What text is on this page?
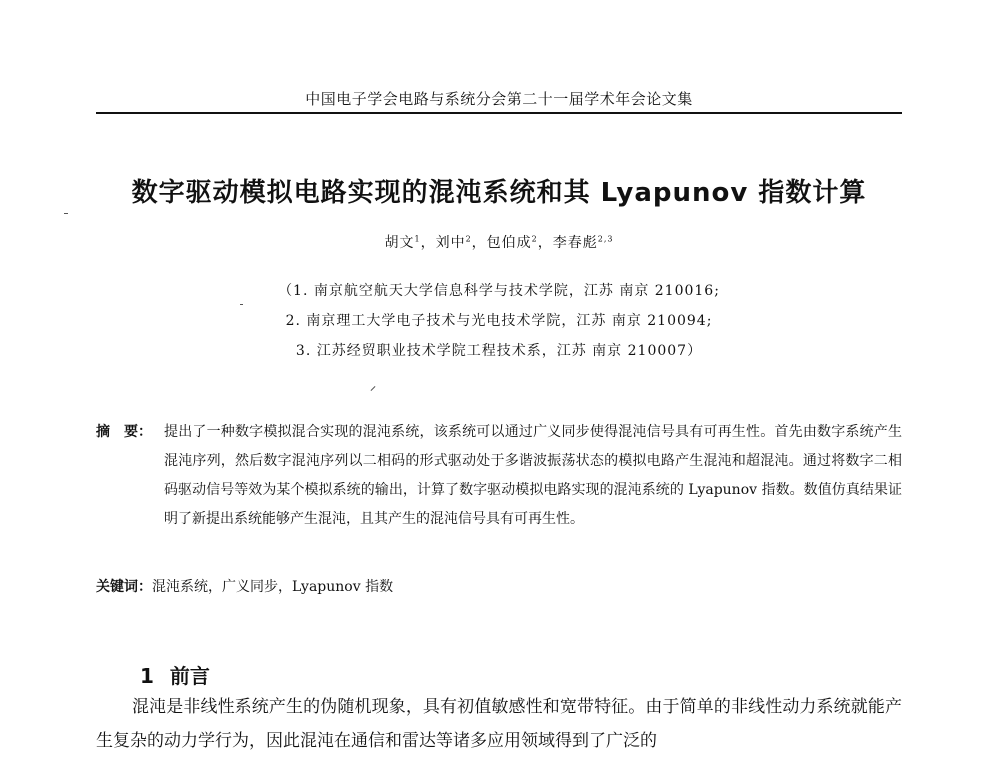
中国电子学会电路与系统分会第二十一届学术年会论文集
数字驱动模拟电路实现的混沌系统和其 Lyapunov 指数计算
胡文$^1$，刘中$^2$，包伯成$^2$，李春彪$^{2,3}$
（1. 南京航空航天大学信息科学与技术学院，江苏 南京 210016;
2. 南京理工大学电子技术与光电技术学院，江苏 南京 210094;
3. 江苏经贸职业技术学院工程技术系，江苏 南京 210007）
摘　要： 提出了一种数字模拟混合实现的混沌系统，该系统可以通过广义同步使得混沌信号具有可再生性。首先由数字系统产生混沌序列，然后数字混沌序列以二相码的形式驱动处于多谐波振荡状态的模拟电路产生混沌和超混沌。通过将数字二相码驱动信号等效为某个模拟系统的输出，计算了数字驱动模拟电路实现的混沌系统的 Lyapunov 指数。数值仿真结果证明了新提出系统能够产生混沌，且其产生的混沌信号具有可再生性。
关键词：混沌系统，广义同步，Lyapunov 指数
1 前言

混沌是非线性系统产生的伪随机现象，具有初值敏感性和宽带特征。由于简单的非线性动力系统就能产生复杂的动力学行为，因此混沌在通信和雷达等诸多应用领域得到了广泛的
